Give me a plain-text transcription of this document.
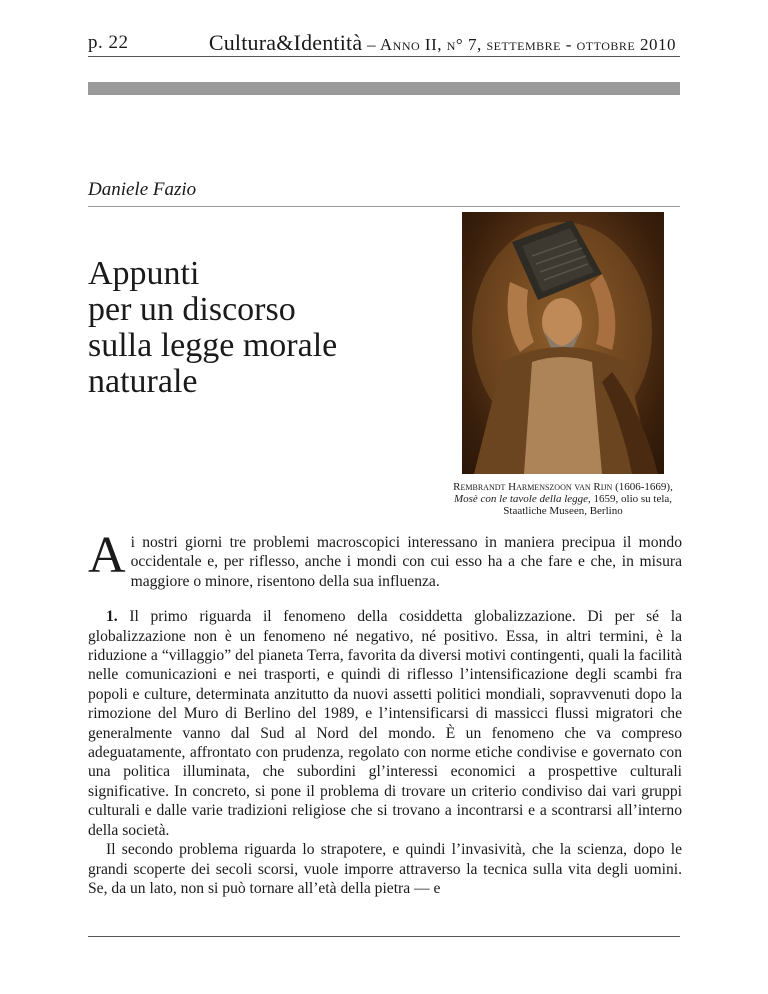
p. 22	Cultura&Identità – Anno II, n° 7, settembre - ottobre 2010
Daniele Fazio
Appunti
per un discorso
sulla legge morale
naturale
Rembrandt Harmenszoon van Rijn (1606-1669), Mosè con le tavole della legge, 1659, olio su tela, Staatliche Museen, Berlino

Ai nostri giorni tre problemi macroscopici interessano in maniera precipua il mondo occidentale e, per riflesso, anche i mondi con cui esso ha a che fare e che, in misura maggiore o minore, risentono della sua influenza.

1. Il primo riguarda il fenomeno della cosiddetta globalizzazione. Di per sé la globalizzazione non è un fenomeno né negativo, né positivo. Essa, in altri termini, è la riduzione a “villaggio” del pianeta Terra, favorita da diversi motivi contingenti, quali la facilità nelle comunicazioni e nei trasporti, e quindi di riflesso l’intensificazione degli scambi fra popoli e culture, determinata anzitutto da nuovi assetti politici mondiali, sopravvenuti dopo la rimozione del Muro di Berlino del 1989, e l’intensificarsi di massicci flussi migratori che generalmente vanno dal Sud al Nord del mondo. È un fenomeno che va compreso adeguatamente, affrontato con prudenza, regolato con norme etiche condivise e governato con una politica illuminata, che subordini gl’interessi economici a prospettive culturali significative. In concreto, si pone il problema di trovare un criterio condiviso dai vari gruppi culturali e dalle varie tradizioni religiose che si trovano a incontrarsi e a scontrarsi all’interno della società.

Il secondo problema riguarda lo strapotere, e quindi l’invasività, che la scienza, dopo le grandi scoperte dei secoli scorsi, vuole imporre attraverso la tecnica sulla vita degli uomini. Se, da un lato, non si può tornare all’età della pietra — e
